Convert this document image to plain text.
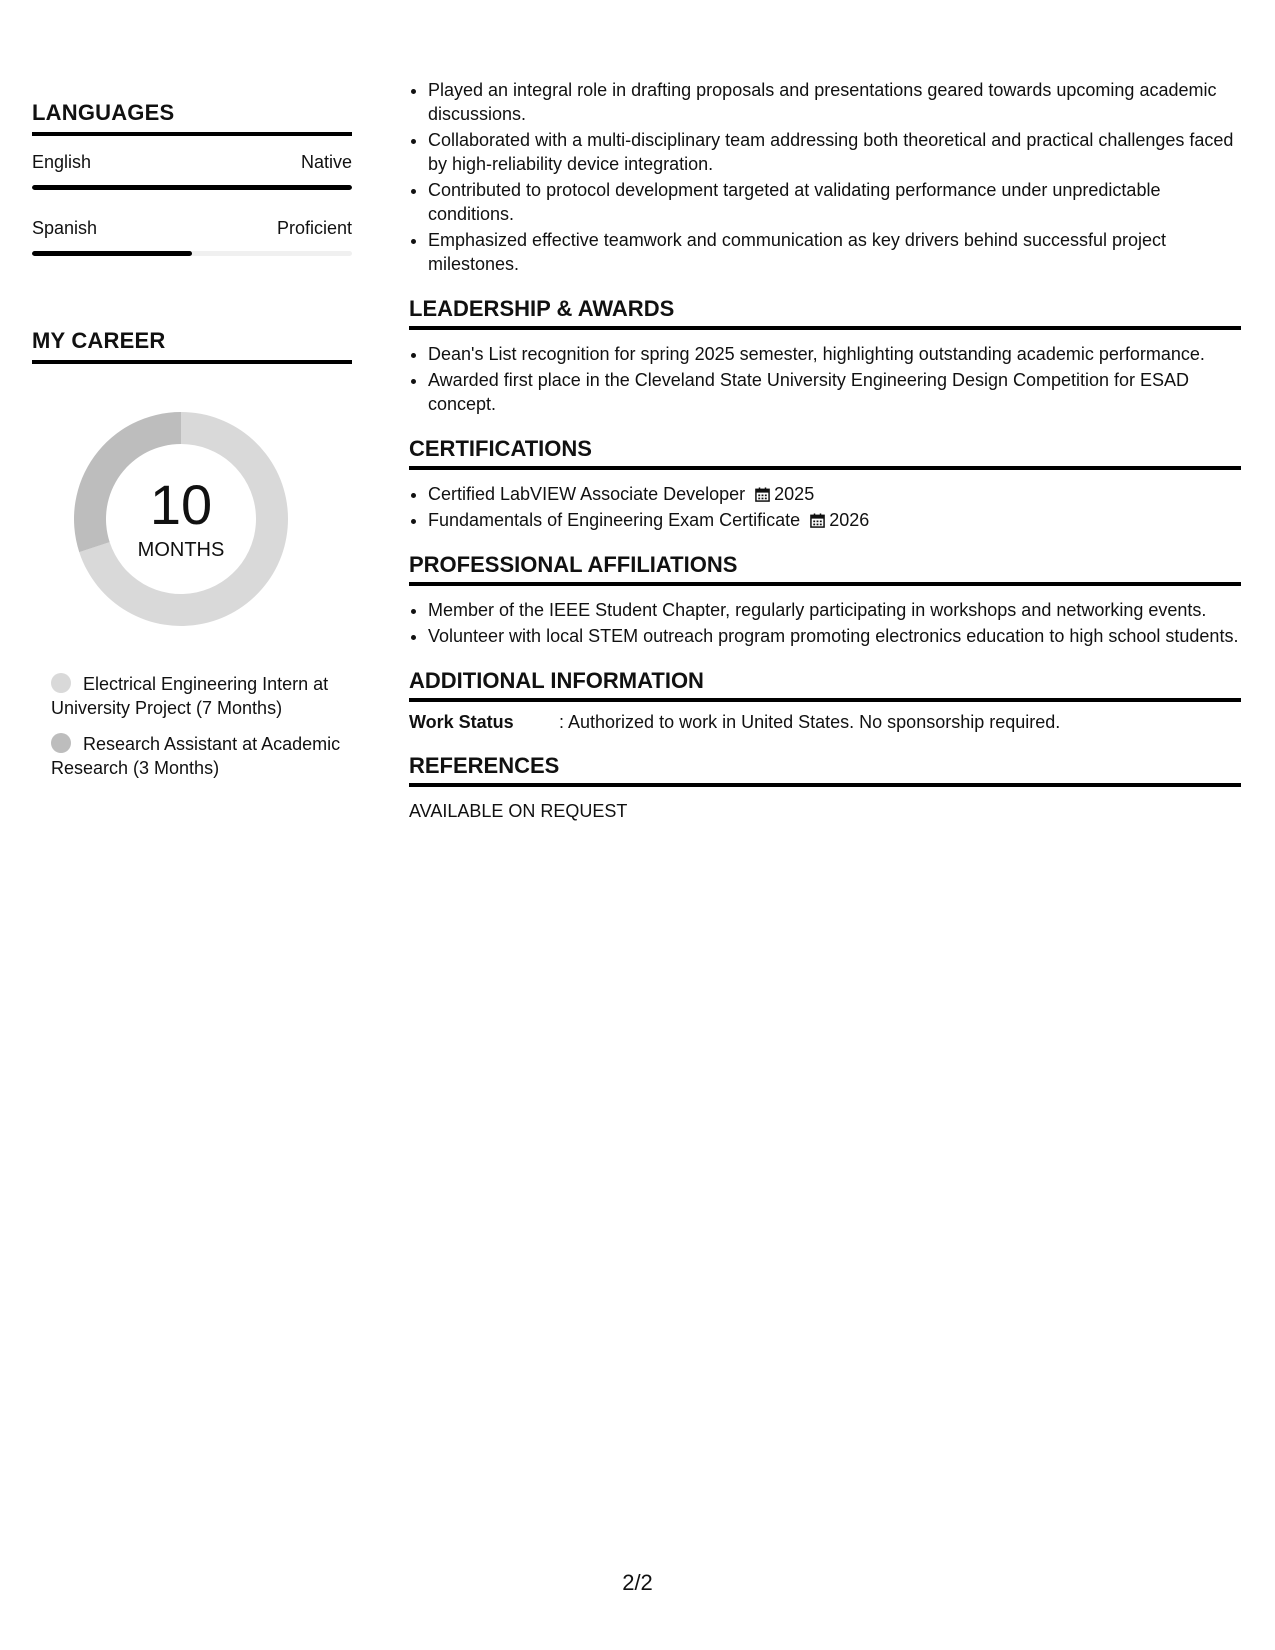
LANGUAGES
English	Native
Spanish	Proficient
MY CAREER
10
MONTHS
Electrical Engineering Intern at University Project (7 Months)
Research Assistant at Academic Research (3 Months)
• Played an integral role in drafting proposals and presentations geared towards upcoming academic discussions.
• Collaborated with a multi-disciplinary team addressing both theoretical and practical challenges faced by high-reliability device integration.
• Contributed to protocol development targeted at validating performance under unpredictable conditions.
• Emphasized effective teamwork and communication as key drivers behind successful project milestones.
LEADERSHIP & AWARDS
• Dean's List recognition for spring 2025 semester, highlighting outstanding academic performance.
• Awarded first place in the Cleveland State University Engineering Design Competition for ESAD concept.
CERTIFICATIONS
• Certified LabVIEW Associate Developer 2025
• Fundamentals of Engineering Exam Certificate 2026
PROFESSIONAL AFFILIATIONS
• Member of the IEEE Student Chapter, regularly participating in workshops and networking events.
• Volunteer with local STEM outreach program promoting electronics education to high school students.
ADDITIONAL INFORMATION
Work Status	: Authorized to work in United States. No sponsorship required.
REFERENCES
AVAILABLE ON REQUEST
2/2
